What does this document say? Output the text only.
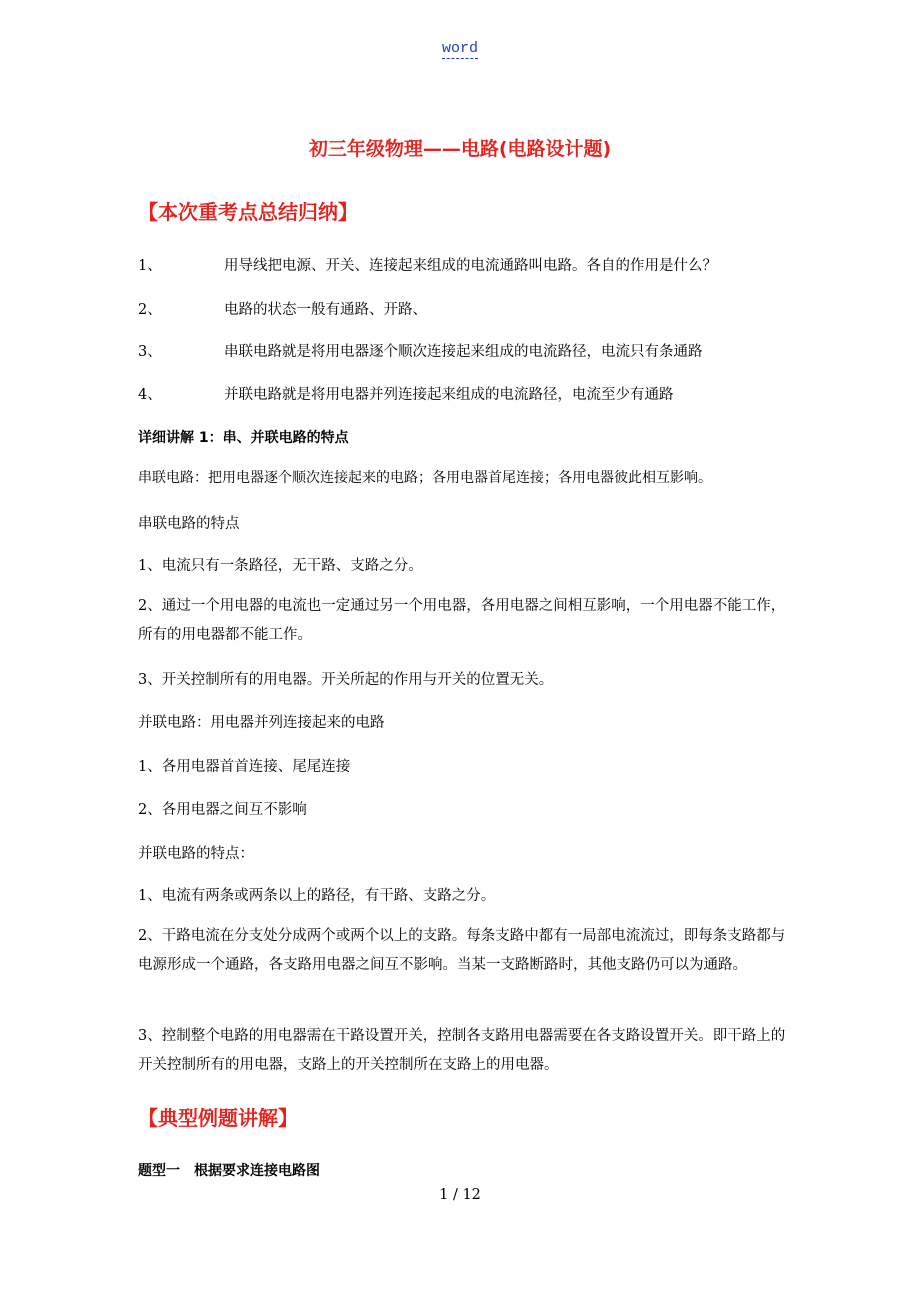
word
初三年级物理——电路(电路设计题)
【本次重考点总结归纳】
1、	用导线把电源、开关、连接起来组成的电流通路叫电路。各自的作用是什么？
2、	电路的状态一般有通路、开路、
3、	串联电路就是将用电器逐个顺次连接起来组成的电流路径，电流只有条通路
4、	并联电路就是将用电器并列连接起来组成的电流路径，电流至少有通路
详细讲解 1：串、并联电路的特点
串联电路：把用电器逐个顺次连接起来的电路；各用电器首尾连接；各用电器彼此相互影响。
串联电路的特点
1、电流只有一条路径，无干路、支路之分。
2、通过一个用电器的电流也一定通过另一个用电器，各用电器之间相互影响，一个用电器不能工作，所有的用电器都不能工作。
3、开关控制所有的用电器。开关所起的作用与开关的位置无关。
并联电路：用电器并列连接起来的电路
1、各用电器首首连接、尾尾连接
2、各用电器之间互不影响
并联电路的特点：
1、电流有两条或两条以上的路径，有干路、支路之分。
2、干路电流在分支处分成两个或两个以上的支路。每条支路中都有一局部电流流过，即每条支路都与电源形成一个通路，各支路用电器之间互不影响。当某一支路断路时，其他支路仍可以为通路。
3、控制整个电路的用电器需在干路设置开关，控制各支路用电器需要在各支路设置开关。即干路上的开关控制所有的用电器，支路上的开关控制所在支路上的用电器。
【典型例题讲解】
题型一　根据要求连接电路图
1 / 12
